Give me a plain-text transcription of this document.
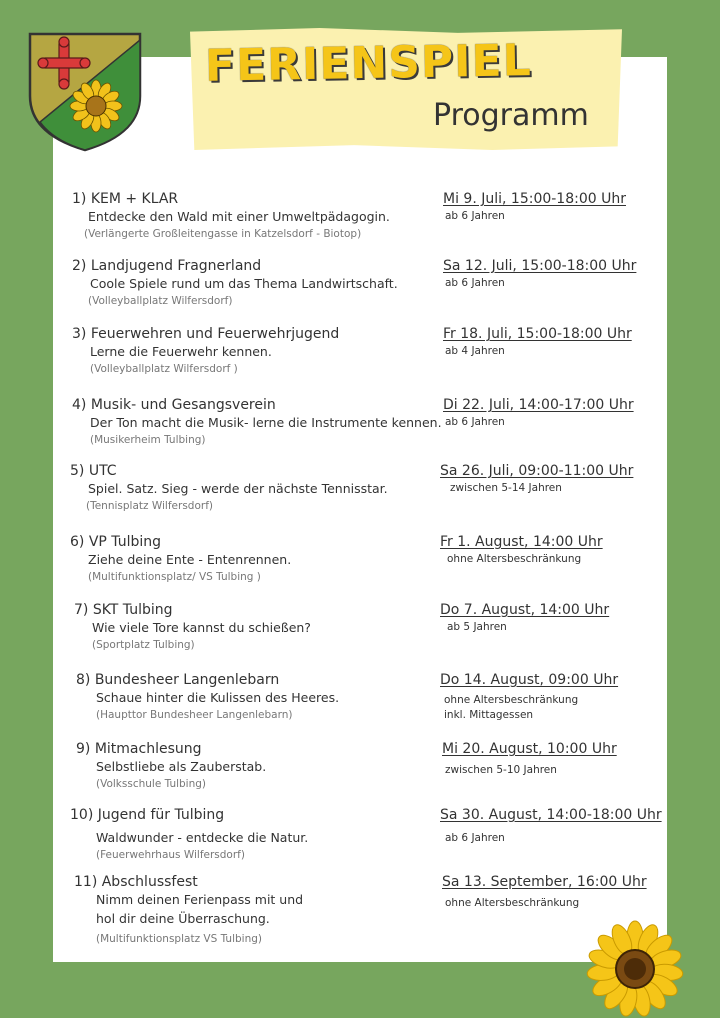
FERIENSPIEL
Programm
1) KEM + KLAR
Entdecke den Wald mit einer Umweltpädagogin.
(Verlängerte Großleitengasse in Katzelsdorf - Biotop)
Mi 9. Juli, 15:00-18:00 Uhr
ab 6 Jahren
2) Landjugend Fragnerland
Coole Spiele rund um das Thema Landwirtschaft.
(Volleyballplatz Wilfersdorf)
Sa 12. Juli, 15:00-18:00 Uhr
ab 6 Jahren
3) Feuerwehren und Feuerwehrjugend
Lerne die Feuerwehr kennen.
(Volleyballplatz Wilfersdorf )
Fr 18. Juli, 15:00-18:00 Uhr
ab 4 Jahren
4) Musik- und Gesangsverein
Der Ton macht die Musik- lerne die Instrumente kennen.
(Musikerheim Tulbing)
Di 22. Juli, 14:00-17:00 Uhr
ab 6 Jahren
5) UTC
Spiel. Satz. Sieg - werde der nächste Tennisstar.
(Tennisplatz Wilfersdorf)
Sa 26. Juli, 09:00-11:00 Uhr
zwischen 5-14 Jahren
6) VP Tulbing
Ziehe deine Ente - Entenrennen.
(Multifunktionsplatz/ VS Tulbing )
Fr 1. August, 14:00 Uhr
ohne Altersbeschränkung
7) SKT Tulbing
Wie viele Tore kannst du schießen?
(Sportplatz Tulbing)
Do 7. August, 14:00 Uhr
ab 5 Jahren
8) Bundesheer Langenlebarn
Schaue hinter die Kulissen des Heeres.
(Haupttor Bundesheer Langenlebarn)
Do 14. August, 09:00 Uhr
ohne Altersbeschränkung
inkl. Mittagessen
9) Mitmachlesung
Selbstliebe als Zauberstab.
(Volksschule Tulbing)
Mi 20. August, 10:00 Uhr
zwischen 5-10 Jahren
10) Jugend für Tulbing
Waldwunder - entdecke die Natur.
(Feuerwehrhaus Wilfersdorf)
Sa 30. August, 14:00-18:00 Uhr
ab 6 Jahren
11) Abschlussfest
Nimm deinen Ferienpass mit und
hol dir deine Überraschung.
(Multifunktionsplatz VS Tulbing)
Sa 13. September, 16:00 Uhr
ohne Altersbeschränkung
